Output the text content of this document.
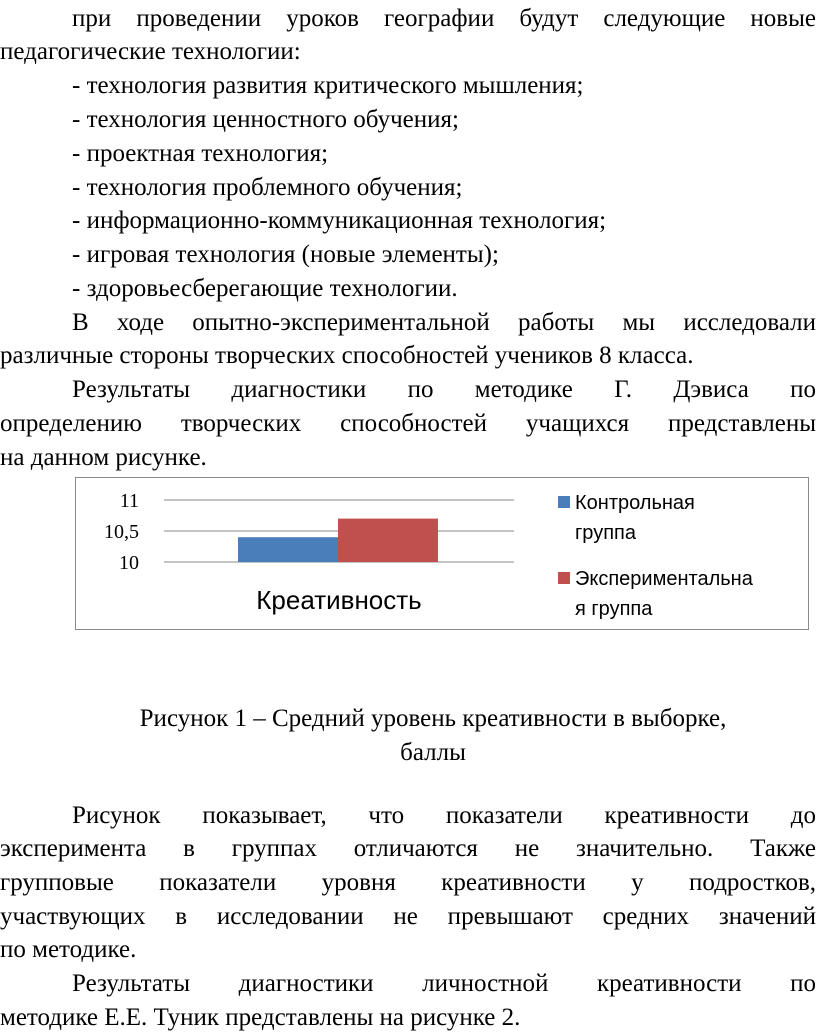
при проведении уроков географии будут следующие новые
педагогические технологии:
- технология развития критического мышления;
- технология ценностного обучения;
- проектная технология;
- технология проблемного обучения;
- информационно-коммуникационная технология;
- игровая технология (новые элементы);
- здоровьесберегающие технологии.
В ходе опытно-экспериментальной работы мы исследовали
различные стороны творческих способностей учеников 8 класса.
Результаты диагностики по методике Г. Дэвиса по
определению творческих способностей учащихся представлены
на данном рисунке.
11
10,5
10
Креативность
Контрольная
группа
Экспериментальна
я группа
Рисунок 1 – Средний уровень креативности в выборке,
баллы
Рисунок показывает, что показатели креативности до
эксперимента в группах отличаются не значительно. Также
групповые показатели уровня креативности у подростков,
участвующих в исследовании не превышают средних значений
по методике.
Результаты диагностики личностной креативности по
методике Е.Е. Туник представлены на рисунке 2.
